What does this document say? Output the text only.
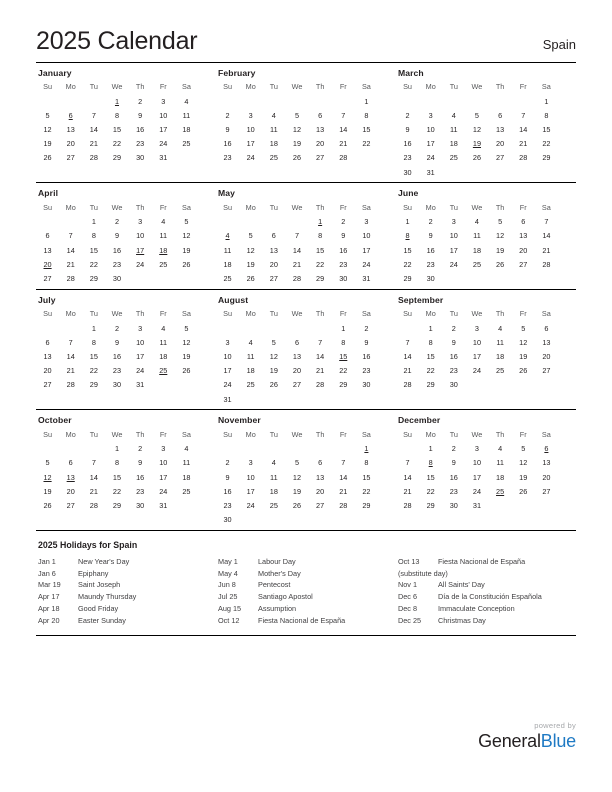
2025 Calendar	Spain
January
Su	Mo	Tu	We	Th	Fr	Sa
			1	2	3	4
5	6	7	8	9	10	11
12	13	14	15	16	17	18
19	20	21	22	23	24	25
26	27	28	29	30	31	
February
Su	Mo	Tu	We	Th	Fr	Sa
						1
2	3	4	5	6	7	8
9	10	11	12	13	14	15
16	17	18	19	20	21	22
23	24	25	26	27	28	
March
Su	Mo	Tu	We	Th	Fr	Sa
						1
2	3	4	5	6	7	8
9	10	11	12	13	14	15
16	17	18	19	20	21	22
23	24	25	26	27	28	29
30	31					
April
Su	Mo	Tu	We	Th	Fr	Sa
		1	2	3	4	5
6	7	8	9	10	11	12
13	14	15	16	17	18	19
20	21	22	23	24	25	26
27	28	29	30			
May
Su	Mo	Tu	We	Th	Fr	Sa
				1	2	3
4	5	6	7	8	9	10
11	12	13	14	15	16	17
18	19	20	21	22	23	24
25	26	27	28	29	30	31
June
Su	Mo	Tu	We	Th	Fr	Sa
1	2	3	4	5	6	7
8	9	10	11	12	13	14
15	16	17	18	19	20	21
22	23	24	25	26	27	28
29	30					
July
Su	Mo	Tu	We	Th	Fr	Sa
		1	2	3	4	5
6	7	8	9	10	11	12
13	14	15	16	17	18	19
20	21	22	23	24	25	26
27	28	29	30	31		
August
Su	Mo	Tu	We	Th	Fr	Sa
					1	2
3	4	5	6	7	8	9
10	11	12	13	14	15	16
17	18	19	20	21	22	23
24	25	26	27	28	29	30
31						
September
Su	Mo	Tu	We	Th	Fr	Sa
	1	2	3	4	5	6
7	8	9	10	11	12	13
14	15	16	17	18	19	20
21	22	23	24	25	26	27
28	29	30				
October
Su	Mo	Tu	We	Th	Fr	Sa
			1	2	3	4
5	6	7	8	9	10	11
12	13	14	15	16	17	18
19	20	21	22	23	24	25
26	27	28	29	30	31	
November
Su	Mo	Tu	We	Th	Fr	Sa
						1
2	3	4	5	6	7	8
9	10	11	12	13	14	15
16	17	18	19	20	21	22
23	24	25	26	27	28	29
30						
December
Su	Mo	Tu	We	Th	Fr	Sa
	1	2	3	4	5	6
7	8	9	10	11	12	13
14	15	16	17	18	19	20
21	22	23	24	25	26	27
28	29	30	31			
2025 Holidays for Spain
Jan 1	New Year's Day
Jan 6	Epiphany
Mar 19	Saint Joseph
Apr 17	Maundy Thursday
Apr 18	Good Friday
Apr 20	Easter Sunday
May 1	Labour Day
May 4	Mother's Day
Jun 8	Pentecost
Jul 25	Santiago Apostol
Aug 15	Assumption
Oct 12	Fiesta Nacional de España
Oct 13	Fiesta Nacional de España
(substitute day)
Nov 1	All Saints' Day
Dec 6	Día de la Constitución Española
Dec 8	Immaculate Conception
Dec 25	Christmas Day
powered by
GeneralBlue
